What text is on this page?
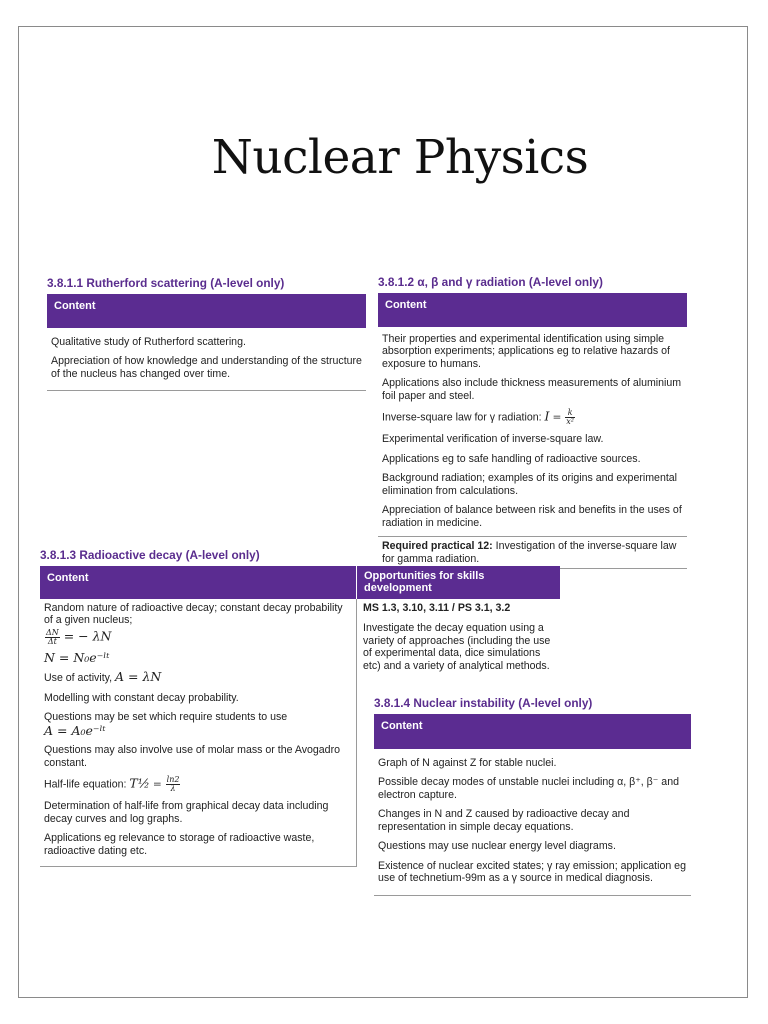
Nuclear Physics
3.8.1.1 Rutherford scattering (A-level only)
Content

Qualitative study of Rutherford scattering.

Appreciation of how knowledge and understanding of the structure of the nucleus has changed over time.

3.8.1.2 α, β and γ radiation (A-level only)
Content

Their properties and experimental identification using simple absorption experiments; applications eg to relative hazards of exposure to humans.

Applications also include thickness measurements of aluminium foil paper and steel.

Inverse-square law for γ radiation: $I = \frac{k}{\text{x²}}$

Experimental verification of inverse-square law.

Applications eg to safe handling of radioactive sources.

Background radiation; examples of its origins and experimental elimination from calculations.

Appreciation of balance between risk and benefits in the uses of radiation in medicine.

Required practical 12: Investigation of the inverse-square law for gamma radiation.
3.8.1.3 Radioactive decay (A-level only)
Content	Opportunities for skills development

Random nature of radioactive decay; constant decay probability of a given nucleus;

$\frac{\Delta N}{\Delta t}$ = − λN

N = N₀e⁻ˡᵗ

Use of activity, A = λN

Modelling with constant decay probability.

Questions may be set which require students to use

A = A₀e⁻ˡᵗ

Questions may also involve use of molar mass or the Avogadro constant.

Half-life equation: T½ = $\frac{\ln 2}{\lambda}$

Determination of half-life from graphical decay data including decay curves and log graphs.

Applications eg relevance to storage of radioactive waste, radioactive dating etc.

MS 1.3, 3.10, 3.11 / PS 3.1, 3.2

Investigate the decay equation using a variety of approaches (including the use of experimental data, dice simulations etc) and a variety of analytical methods.

3.8.1.4 Nuclear instability (A-level only)
Content

Graph of N against Z for stable nuclei.

Possible decay modes of unstable nuclei including α, β⁺, β⁻ and electron capture.

Changes in N and Z caused by radioactive decay and representation in simple decay equations.

Questions may use nuclear energy level diagrams.

Existence of nuclear excited states; γ ray emission; application eg use of technetium-99m as a γ source in medical diagnosis.
